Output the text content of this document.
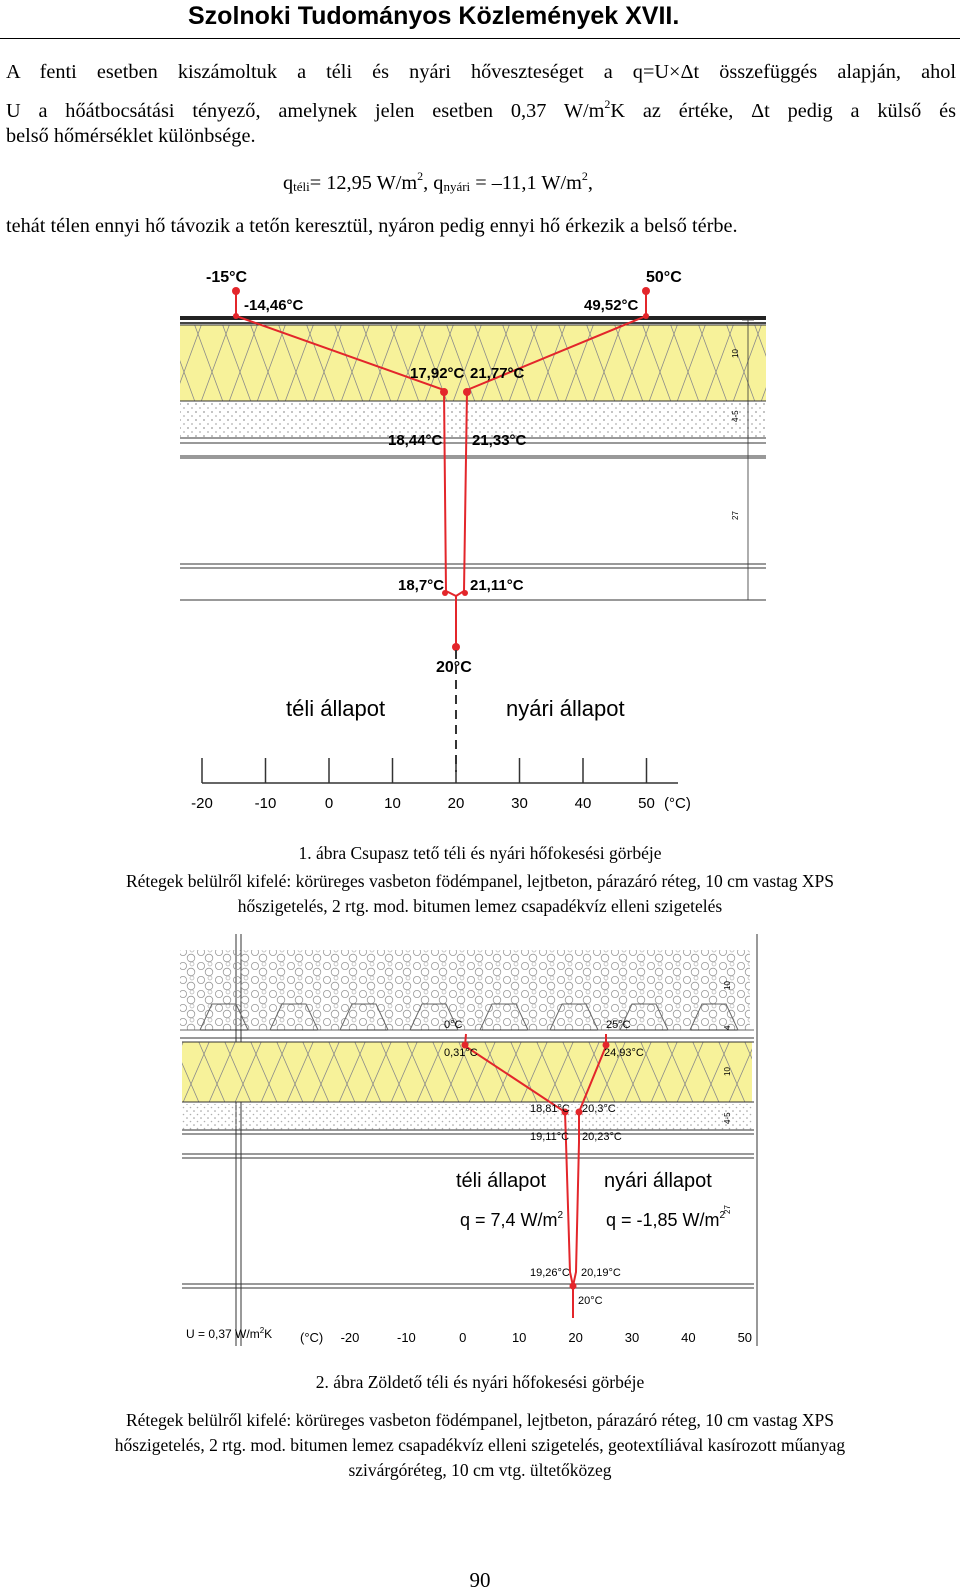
Szolnoki Tudományos Közlemények XVII.
A fenti esetben kiszámoltuk a téli és nyári hőveszteséget a q=U×Δt összefüggés alapján, ahol
U a hőátbocsátási tényező, amelynek jelen esetben 0,37 $W/m^2K$ az értéke, Δt pedig a külső és
belső hőmérséklet különbsége.
$q_{téli}= 12,95$ $W/m^2$, $q_{nyári} = -11,1$ $W/m^2$,
tehát télen ennyi hő távozik a tetőn keresztül, nyáron pedig ennyi hő érkezik a belső térbe.
10
4-5
27
-15°C	50°C
-14,46°C	49,52°C
17,92°C 21,77°C
18,44°C 21,33°C
18,7°C 21,11°C
20°C
téli állapot	nyári állapot
-20	-10	0	10	20	30	40	50 (°C)
1. ábra Csupasz tető téli és nyári hőfokesési görbéje
Rétegek belülről kifelé: körüreges vasbeton födémpanel, lejtbeton, párazáró réteg, 10 cm vastag XPS
hőszigetelés, 2 rtg. mod. bitumen lemez csapadékvíz elleni szigetelés
10
4
10
4-5
27
0°C	25°C
0,31°C	24,93°C
18,81°C 20,3°C
19,11°C 20,23°C
19,26°C 20,19°C
20°C
téli állapot	nyári állapot
q = 7,4 $W/m^2$ q = -1,85 $W/m^2$
U = 0,37 $W/m^2K$ (°C) -20	-10	0	10	20	30	40	50
2. ábra Zöldető téli és nyári hőfokesési görbéje
Rétegek belülről kifelé: körüreges vasbeton födémpanel, lejtbeton, párazáró réteg, 10 cm vastag XPS
hőszigetelés, 2 rtg. mod. bitumen lemez csapadékvíz elleni szigetelés, geotextíliával kasírozott műanyag
szivárgóréteg, 10 cm vtg. ültetőközeg
90
